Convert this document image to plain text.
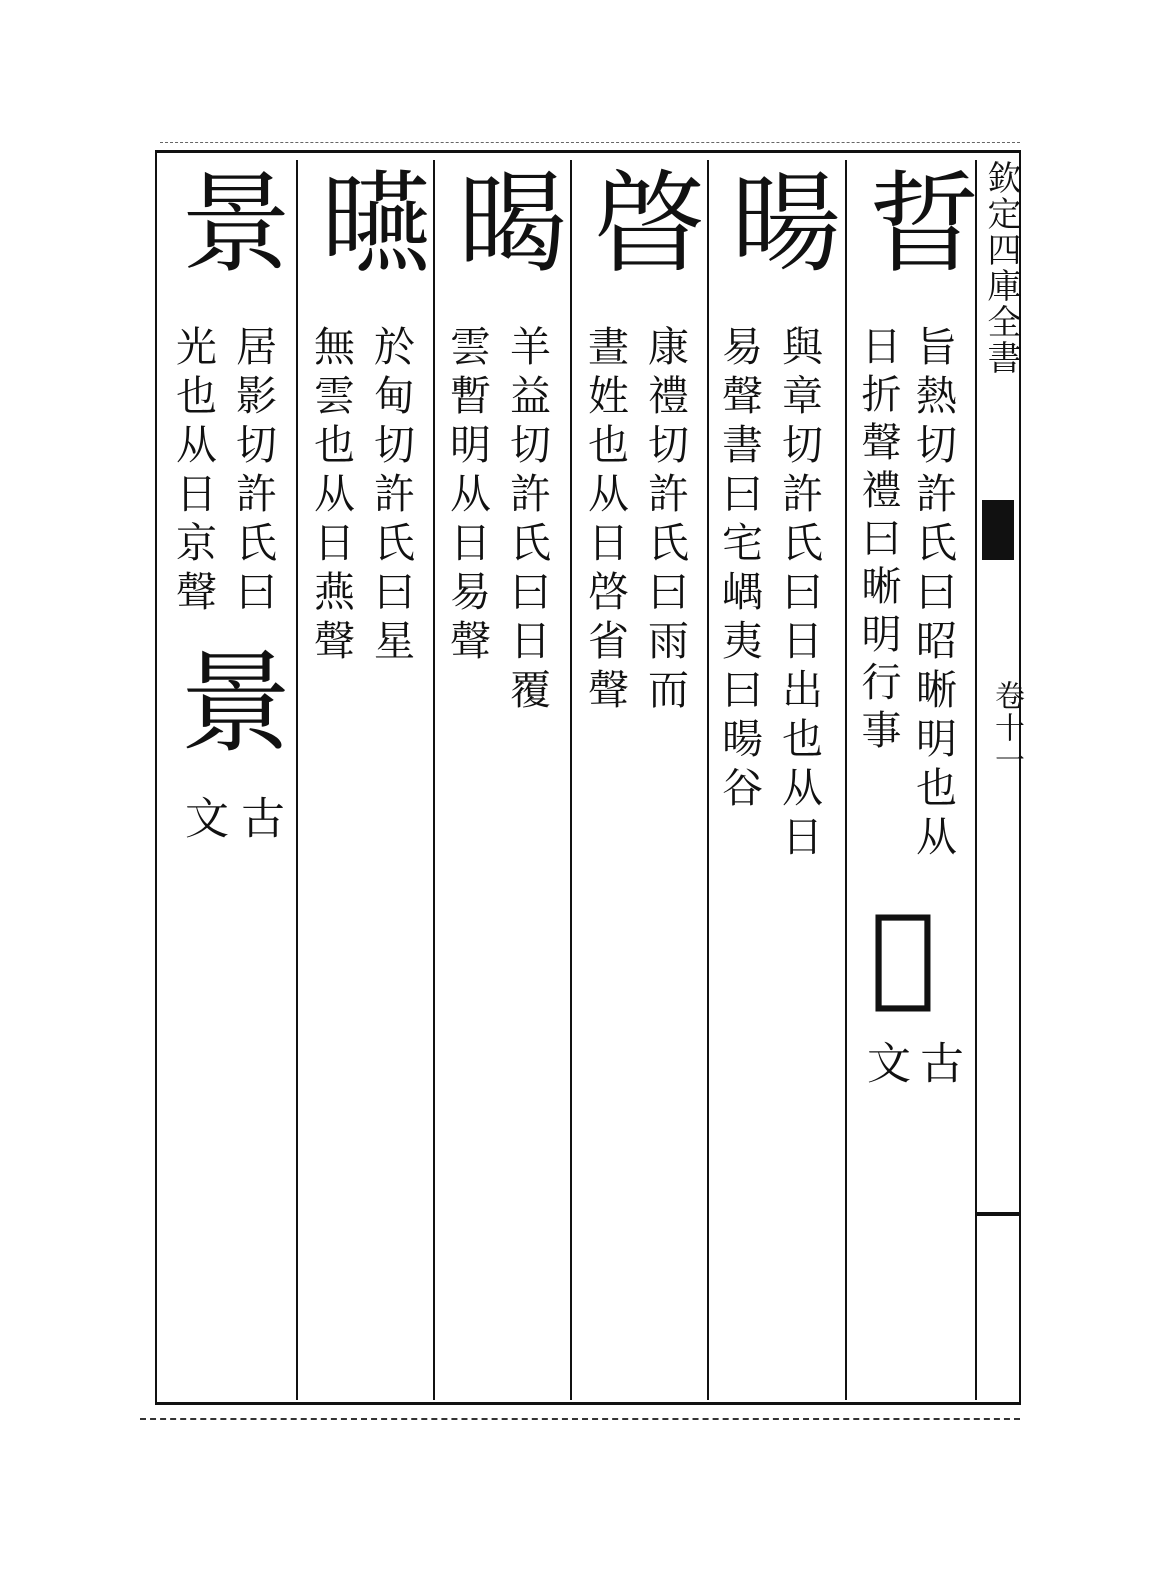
欽定四庫全書
卷十一
晢
旨熱切許氏曰昭晰明也从
日折聲禮曰晰明行事
𣈆
古
文
暘
與章切許氏曰日出也从日
易聲書曰宅嵎夷曰暘谷
晵
康禮切許氏曰雨而
晝姓也从日啓省聲
暍
羊益切許氏曰日覆
雲暫明从日易聲
曣
於甸切許氏曰星
無雲也从日燕聲
景
居影切許氏曰
光也从日京聲
㬌
古
文
